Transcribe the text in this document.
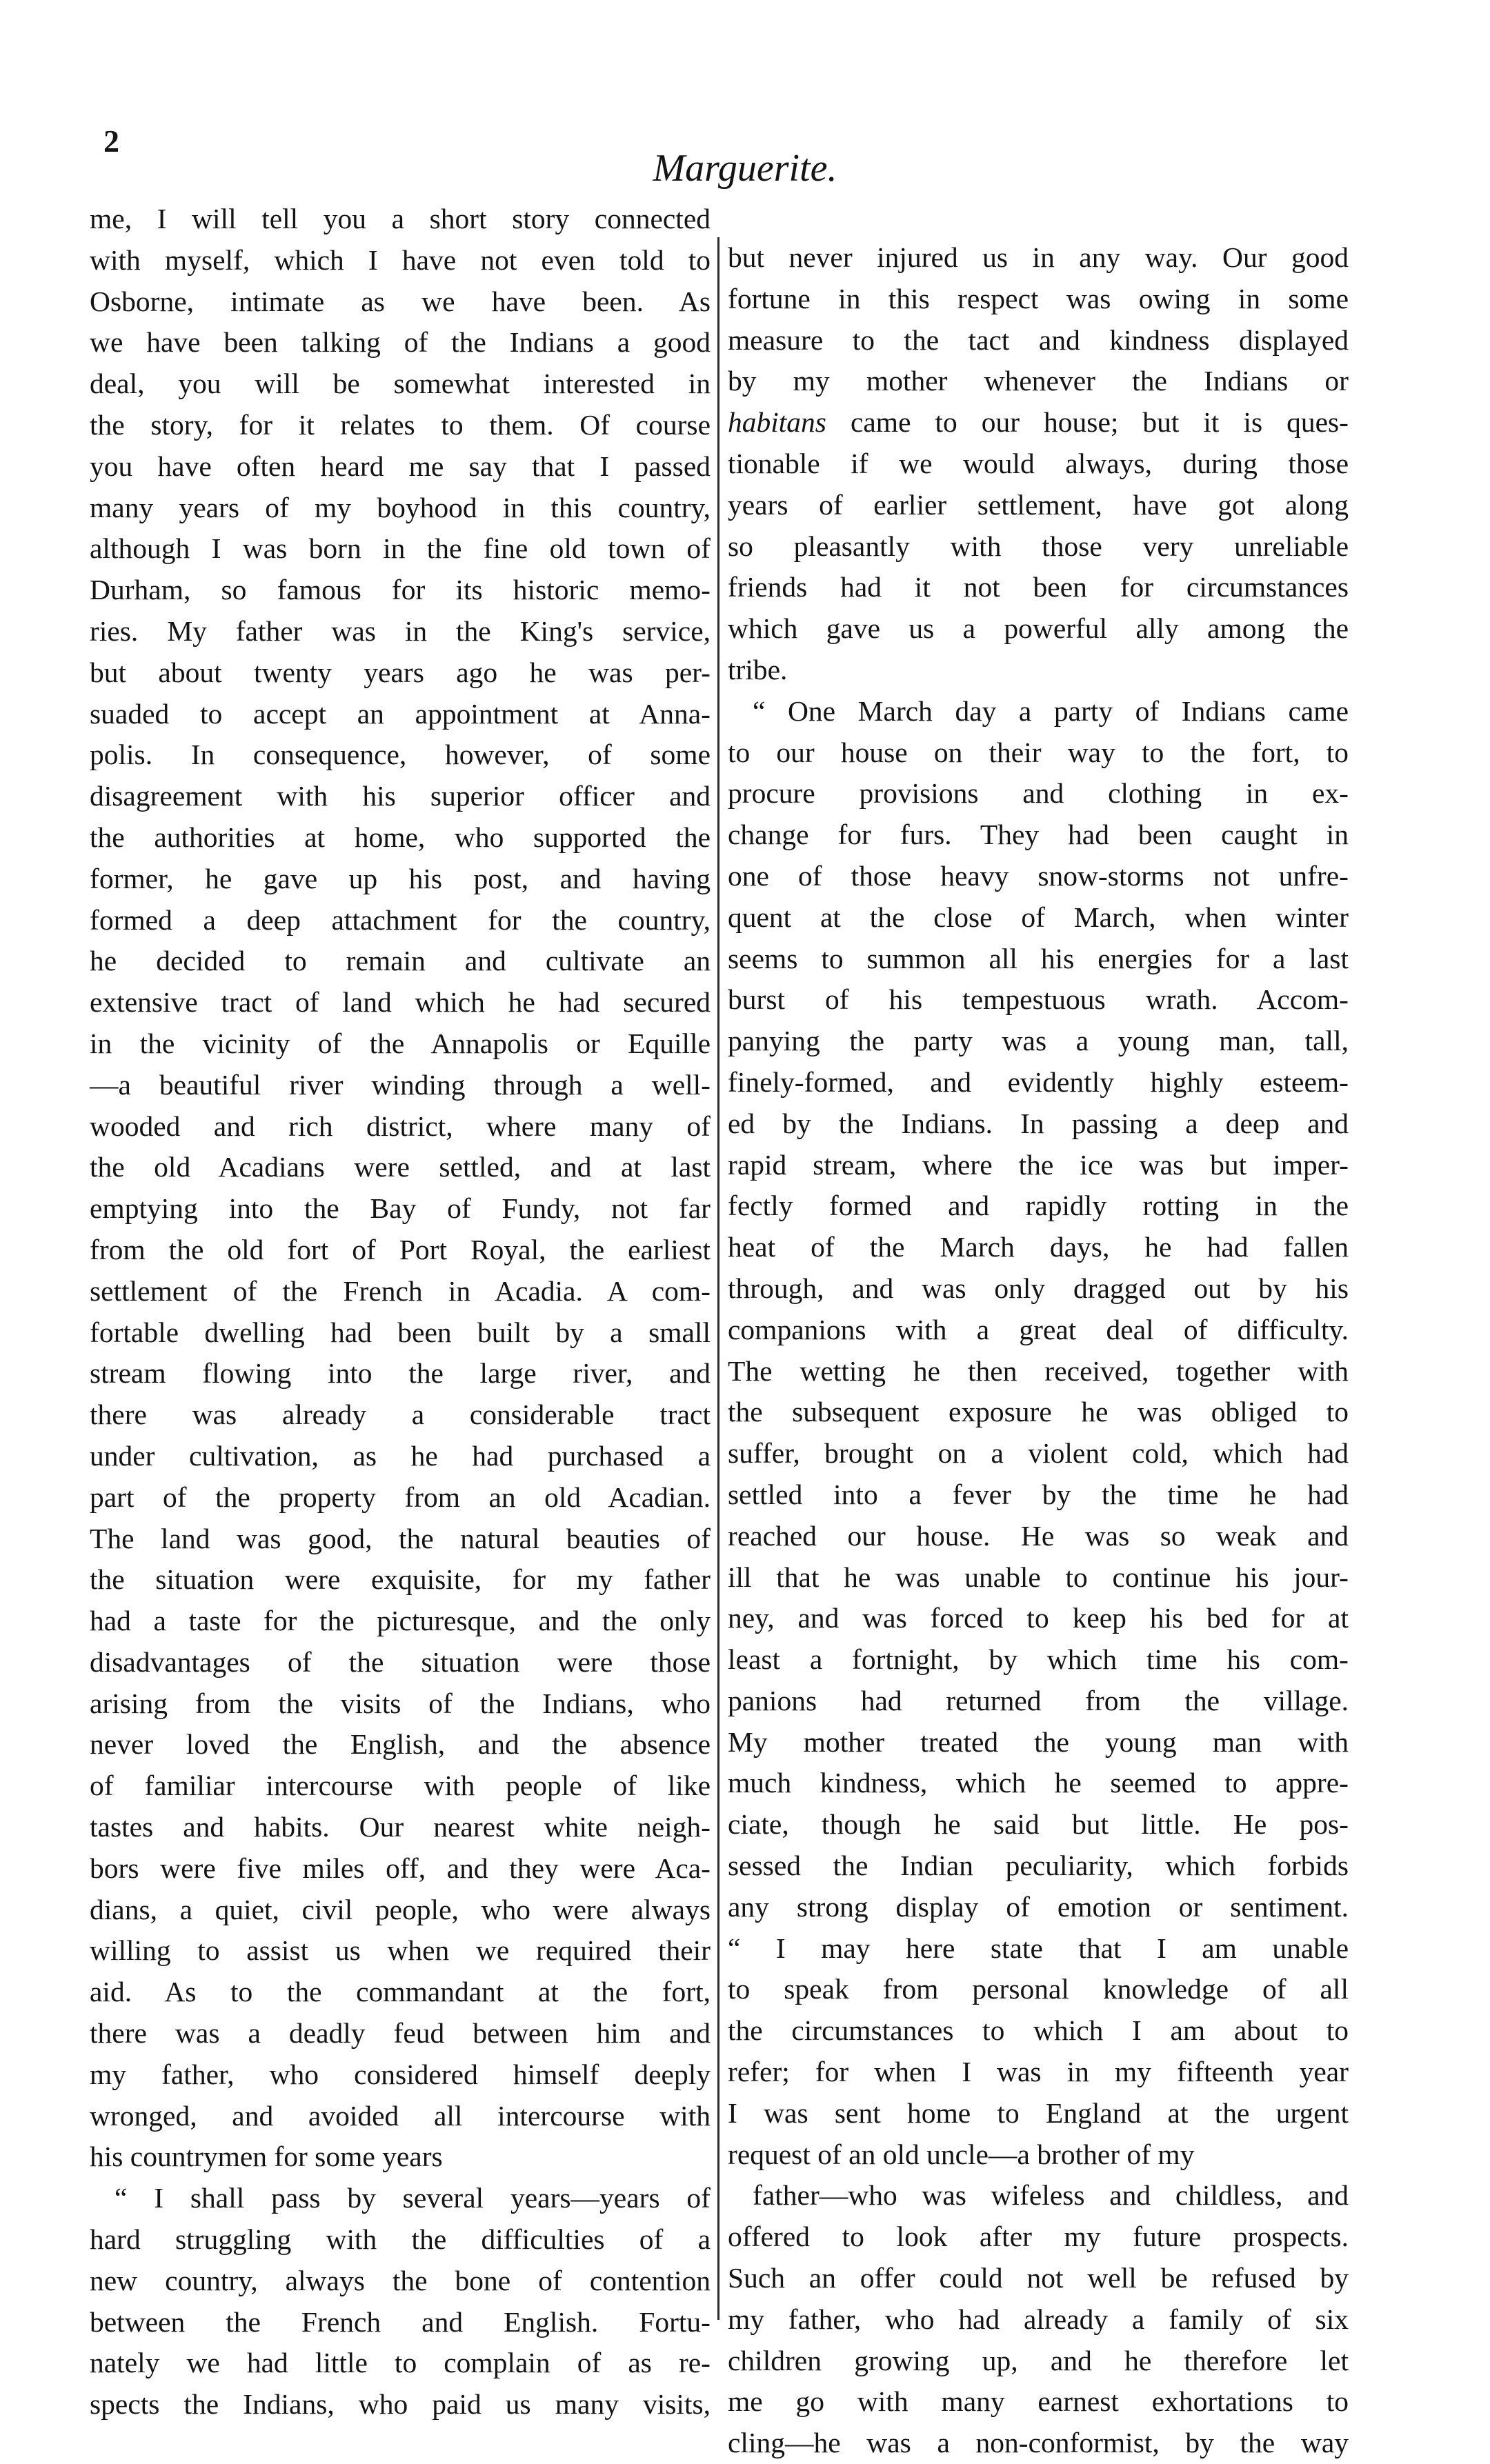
2
Marguerite.
me, I will tell you a short story connected
with myself, which I have not even told to
Osborne, intimate as we have been. As
we have been talking of the Indians a good
deal, you will be somewhat interested in
the story, for it relates to them. Of course
you have often heard me say that I passed
many years of my boyhood in this country,
although I was born in the fine old town of
Durham, so famous for its historic memo-
ries. My father was in the King's service,
but about twenty years ago he was per-
suaded to accept an appointment at Anna-
polis. In consequence, however, of some
disagreement with his superior officer and
the authorities at home, who supported the
former, he gave up his post, and having
formed a deep attachment for the country,
he decided to remain and cultivate an
extensive tract of land which he had secured
in the vicinity of the Annapolis or Equille
—a beautiful river winding through a well-
wooded and rich district, where many of
the old Acadians were settled, and at last
emptying into the Bay of Fundy, not far
from the old fort of Port Royal, the earliest
settlement of the French in Acadia. A com-
fortable dwelling had been built by a small
stream flowing into the large river, and
there was already a considerable tract
under cultivation, as he had purchased a
part of the property from an old Acadian.
The land was good, the natural beauties of
the situation were exquisite, for my father
had a taste for the picturesque, and the only
disadvantages of the situation were those
arising from the visits of the Indians, who
never loved the English, and the absence
of familiar intercourse with people of like
tastes and habits. Our nearest white neigh-
bors were five miles off, and they were Aca-
dians, a quiet, civil people, who were always
willing to assist us when we required their
aid. As to the commandant at the fort,
there was a deadly feud between him and
my father, who considered himself deeply
wronged, and avoided all intercourse with
his countrymen for some years
“ I shall pass by several years—years of
hard struggling with the difficulties of a
new country, always the bone of contention
between the French and English. Fortu-
nately we had little to complain of as re-
spects the Indians, who paid us many visits,
but never injured us in any way. Our good
fortune in this respect was owing in some
measure to the tact and kindness displayed
by my mother whenever the Indians or
habitans came to our house; but it is ques-
tionable if we would always, during those
years of earlier settlement, have got along
so pleasantly with those very unreliable
friends had it not been for circumstances
which gave us a powerful ally among the
tribe.
“ One March day a party of Indians came
to our house on their way to the fort, to
procure provisions and clothing in ex-
change for furs. They had been caught in
one of those heavy snow-storms not unfre-
quent at the close of March, when winter
seems to summon all his energies for a last
burst of his tempestuous wrath. Accom-
panying the party was a young man, tall,
finely-formed, and evidently highly esteem-
ed by the Indians. In passing a deep and
rapid stream, where the ice was but imper-
fectly formed and rapidly rotting in the
heat of the March days, he had fallen
through, and was only dragged out by his
companions with a great deal of difficulty.
The wetting he then received, together with
the subsequent exposure he was obliged to
suffer, brought on a violent cold, which had
settled into a fever by the time he had
reached our house. He was so weak and
ill that he was unable to continue his jour-
ney, and was forced to keep his bed for at
least a fortnight, by which time his com-
panions had returned from the village.
My mother treated the young man with
much kindness, which he seemed to appre-
ciate, though he said but little. He pos-
sessed the Indian peculiarity, which forbids
any strong display of emotion or sentiment.
“ I may here state that I am unable
to speak from personal knowledge of all
the circumstances to which I am about to
refer; for when I was in my fifteenth year
I was sent home to England at the urgent
request of an old uncle—a brother of my
father—who was wifeless and childless, and
offered to look after my future prospects.
Such an offer could not well be refused by
my father, who had already a family of six
children growing up, and he therefore let
me go with many earnest exhortations to
cling—he was a non-conformist, by the way
